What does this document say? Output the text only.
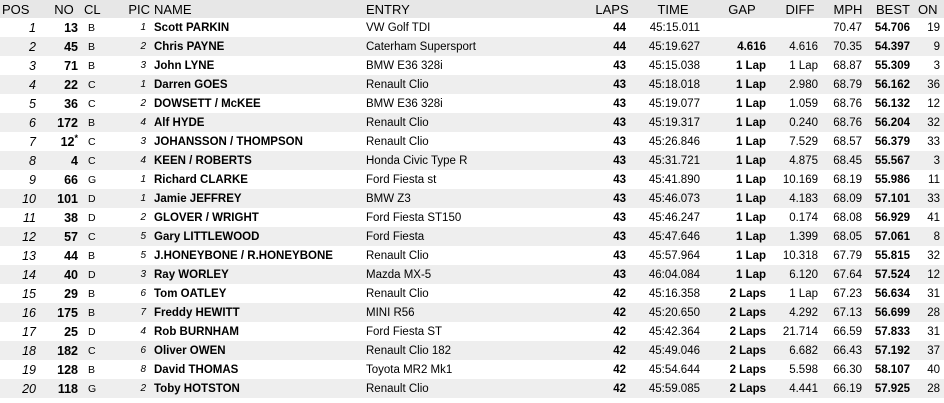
POS	NO	CL	PIC	NAME	ENTRY	LAPS	TIME	GAP	DIFF	MPH	BEST	ON
1	13	B	1	Scott PARKIN	VW Golf TDI	44	45:15.011			70.47	54.706	19
2	45	B	2	Chris PAYNE	Caterham Supersport	44	45:19.627	4.616	4.616	70.35	54.397	9
3	71	B	3	John LYNE	BMW E36 328i	43	45:15.038	1 Lap	1 Lap	68.87	55.309	3
4	22	C	1	Darren GOES	Renault Clio	43	45:18.018	1 Lap	2.980	68.79	56.162	36
5	36	C	2	DOWSETT / McKEE	BMW E36 328i	43	45:19.077	1 Lap	1.059	68.76	56.132	12
6	172	B	4	Alf HYDE	Renault Clio	43	45:19.317	1 Lap	0.240	68.76	56.204	32
7	12*	C	3	JOHANSSON / THOMPSON	Renault Clio	43	45:26.846	1 Lap	7.529	68.57	56.379	33
8	4	C	4	KEEN / ROBERTS	Honda Civic Type R	43	45:31.721	1 Lap	4.875	68.45	55.567	3
9	66	G	1	Richard CLARKE	Ford Fiesta st	43	45:41.890	1 Lap	10.169	68.19	55.986	11
10	101	D	1	Jamie JEFFREY	BMW Z3	43	45:46.073	1 Lap	4.183	68.09	57.101	33
11	38	D	2	GLOVER / WRIGHT	Ford Fiesta ST150	43	45:46.247	1 Lap	0.174	68.08	56.929	41
12	57	C	5	Gary LITTLEWOOD	Ford Fiesta	43	45:47.646	1 Lap	1.399	68.05	57.061	8
13	44	B	5	J.HONEYBONE / R.HONEYBONE	Renault Clio	43	45:57.964	1 Lap	10.318	67.79	55.815	32
14	40	D	3	Ray WORLEY	Mazda MX-5	43	46:04.084	1 Lap	6.120	67.64	57.524	12
15	29	B	6	Tom OATLEY	Renault Clio	42	45:16.358	2 Laps	1 Lap	67.23	56.634	31
16	175	B	7	Freddy HEWITT	MINI R56	42	45:20.650	2 Laps	4.292	67.13	56.699	28
17	25	D	4	Rob BURNHAM	Ford Fiesta ST	42	45:42.364	2 Laps	21.714	66.59	57.833	31
18	182	C	6	Oliver OWEN	Renault Clio 182	42	45:49.046	2 Laps	6.682	66.43	57.192	37
19	128	B	8	David THOMAS	Toyota MR2 Mk1	42	45:54.644	2 Laps	5.598	66.30	58.107	40
20	118	G	2	Toby HOTSTON	Renault Clio	42	45:59.085	2 Laps	4.441	66.19	57.925	28
